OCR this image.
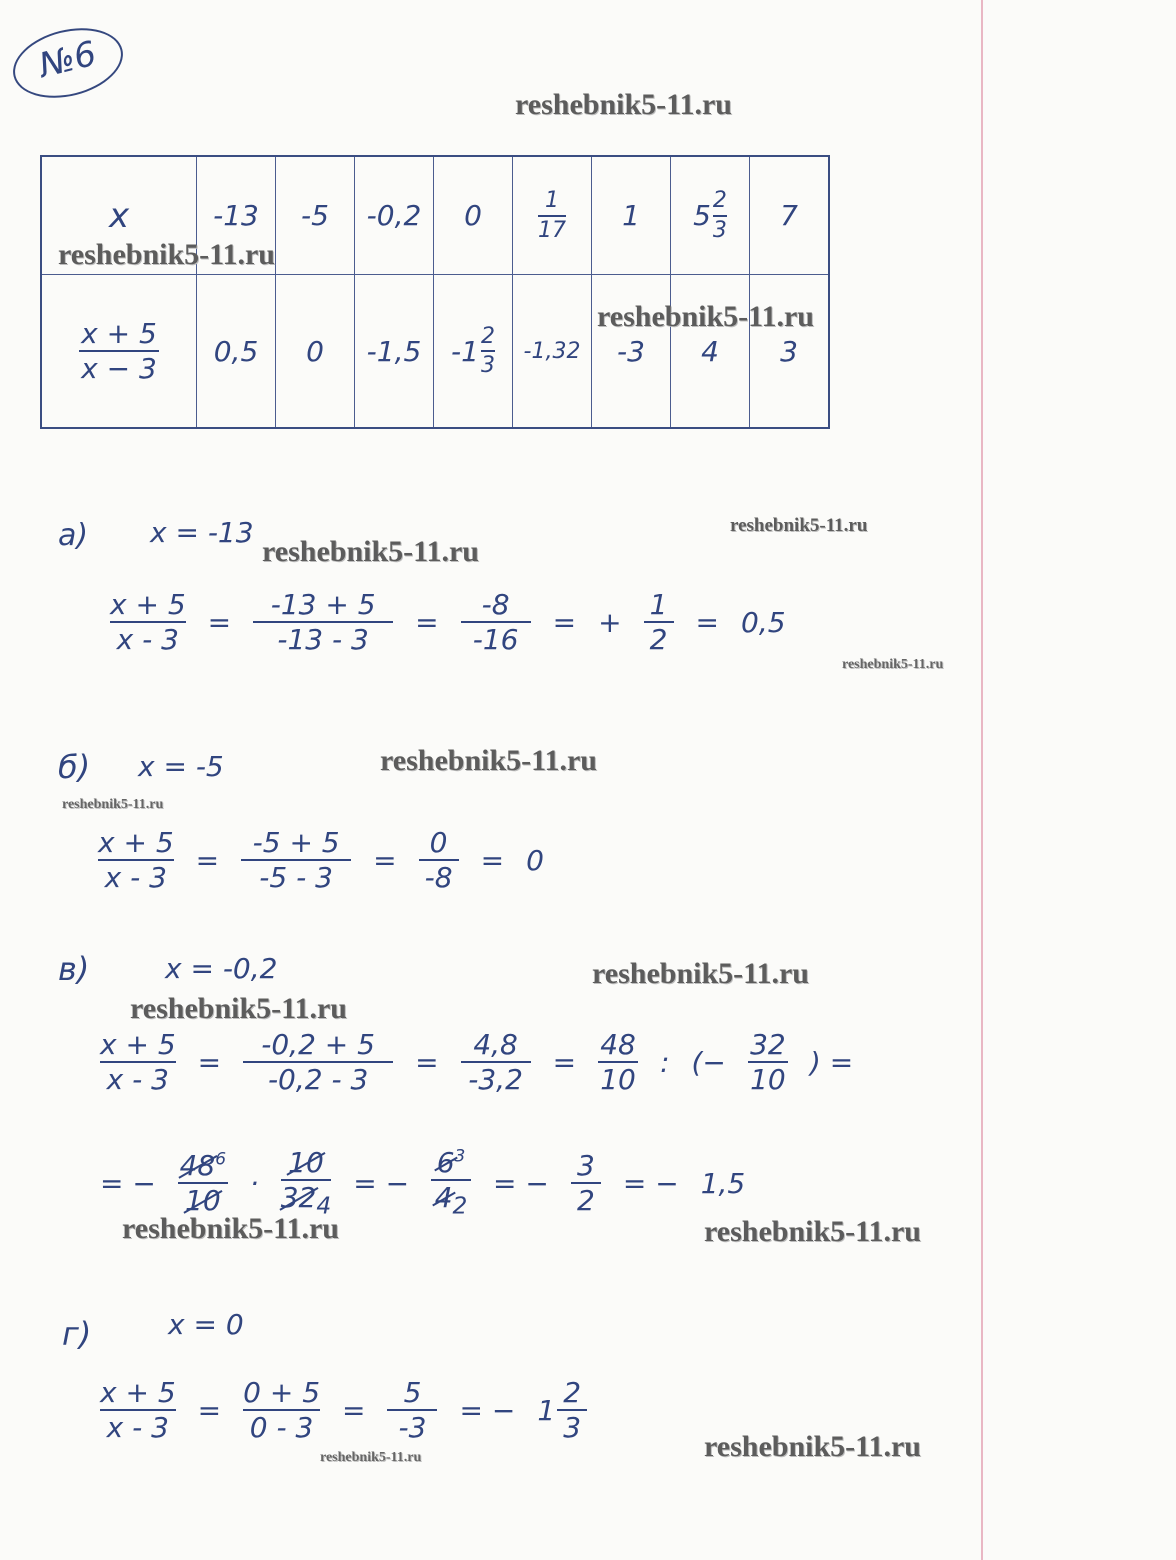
№6
reshebnik5-11.ru
x	-13	-5	-0,2	0	$\frac{1}{17}$	1	$5 \frac{2}{3}$	7

$\frac{x + 5}{x - 3}$	0,5	0	-1,5	$-1 \frac{2}{3}$	-1,32	-3	4	3
reshebnik5-11.ru
reshebnik5-11.ru
а) x = -13	reshebnik5-11.ru
reshebnik5-11.ru
$\frac{x + 5}{x - 3} = \frac{-13 + 5}{-13 - 3} = \frac{-8}{-16}$ = + $\frac{1}{2} = 0,5$
reshebnik5-11.ru
б) x = -5	reshebnik5-11.ru
reshebnik5-11.ru
$\frac{x + 5}{x - 3} = \frac{-5 + 5}{-5 - 3} = \frac{0}{-8} = 0$
в)	x = -0,2	reshebnik5-11.ru
reshebnik5-11.ru
$\frac{x + 5}{x - 3} = \frac{-0,2 + 5}{-0,2 - 3} = \frac{4,8}{-3,2} = \frac{48}{10}$ : (− $\frac{32}{10}$ ) =
= − $\frac{48^6}{10} \cdot \frac{10}{32_4}$ = − $\frac{6^3}{4_2}$ = − $\frac{3}{2}$ = − 1,5
reshebnik5-11.ru	reshebnik5-11.ru
г)	x = 0
$\frac{x + 5}{x - 3} = \frac{0 + 5}{0 - 3} = \frac{5}{-3}$ = − $1 \frac{2}{3}$
reshebnik5-11.ru
reshebnik5-11.ru
